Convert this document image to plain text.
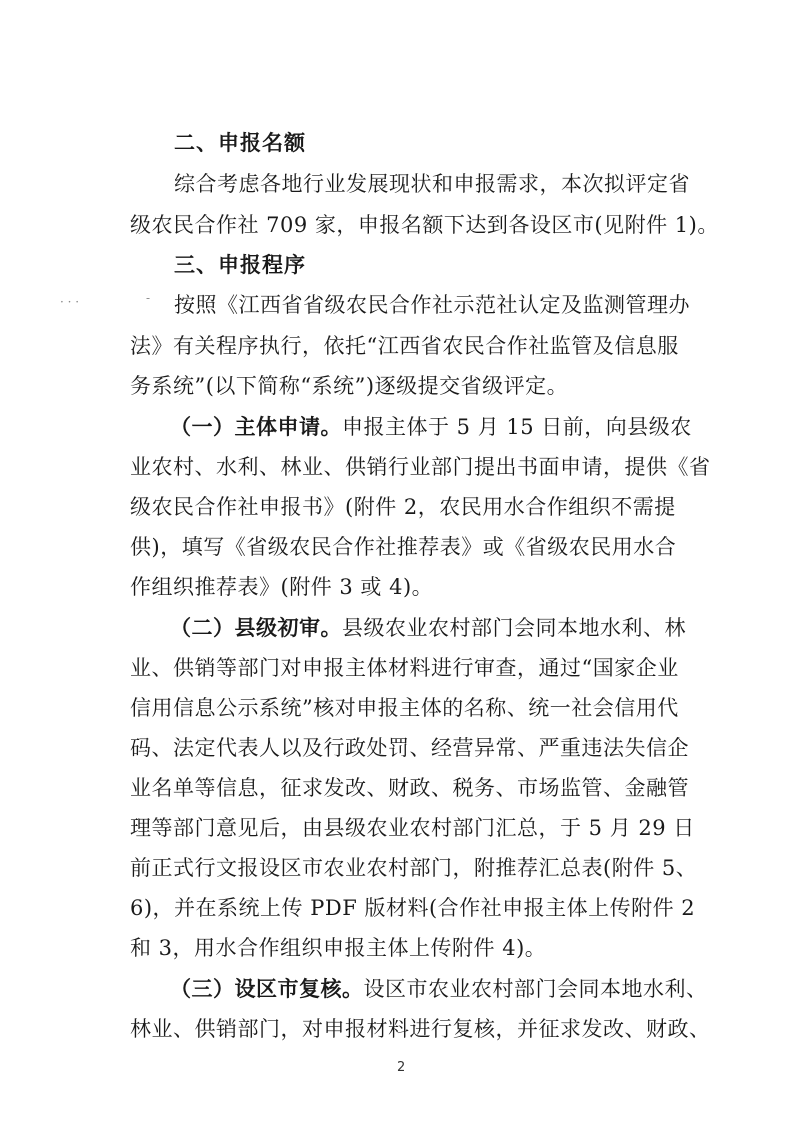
· · ·	-
二、申报名额
综合考虑各地行业发展现状和申报需求，本次拟评定省
级农民合作社 709 家，申报名额下达到各设区市(见附件 1)。
三、申报程序
按照《江西省省级农民合作社示范社认定及监测管理办
法》有关程序执行，依托“江西省农民合作社监管及信息服
务系统”(以下简称“系统”)逐级提交省级评定。
（一）主体申请。申报主体于 5 月 15 日前，向县级农
业农村、水利、林业、供销行业部门提出书面申请，提供《省
级农民合作社申报书》(附件 2，农民用水合作组织不需提
供)，填写《省级农民合作社推荐表》或《省级农民用水合
作组织推荐表》(附件 3 或 4)。
（二）县级初审。县级农业农村部门会同本地水利、林
业、供销等部门对申报主体材料进行审查，通过“国家企业
信用信息公示系统”核对申报主体的名称、统一社会信用代
码、法定代表人以及行政处罚、经营异常、严重违法失信企
业名单等信息，征求发改、财政、税务、市场监管、金融管
理等部门意见后，由县级农业农村部门汇总，于 5 月 29 日
前正式行文报设区市农业农村部门，附推荐汇总表(附件 5、
6)，并在系统上传 PDF 版材料(合作社申报主体上传附件 2
和 3，用水合作组织申报主体上传附件 4)。
（三）设区市复核。设区市农业农村部门会同本地水利、
林业、供销部门，对申报材料进行复核，并征求发改、财政、
2
